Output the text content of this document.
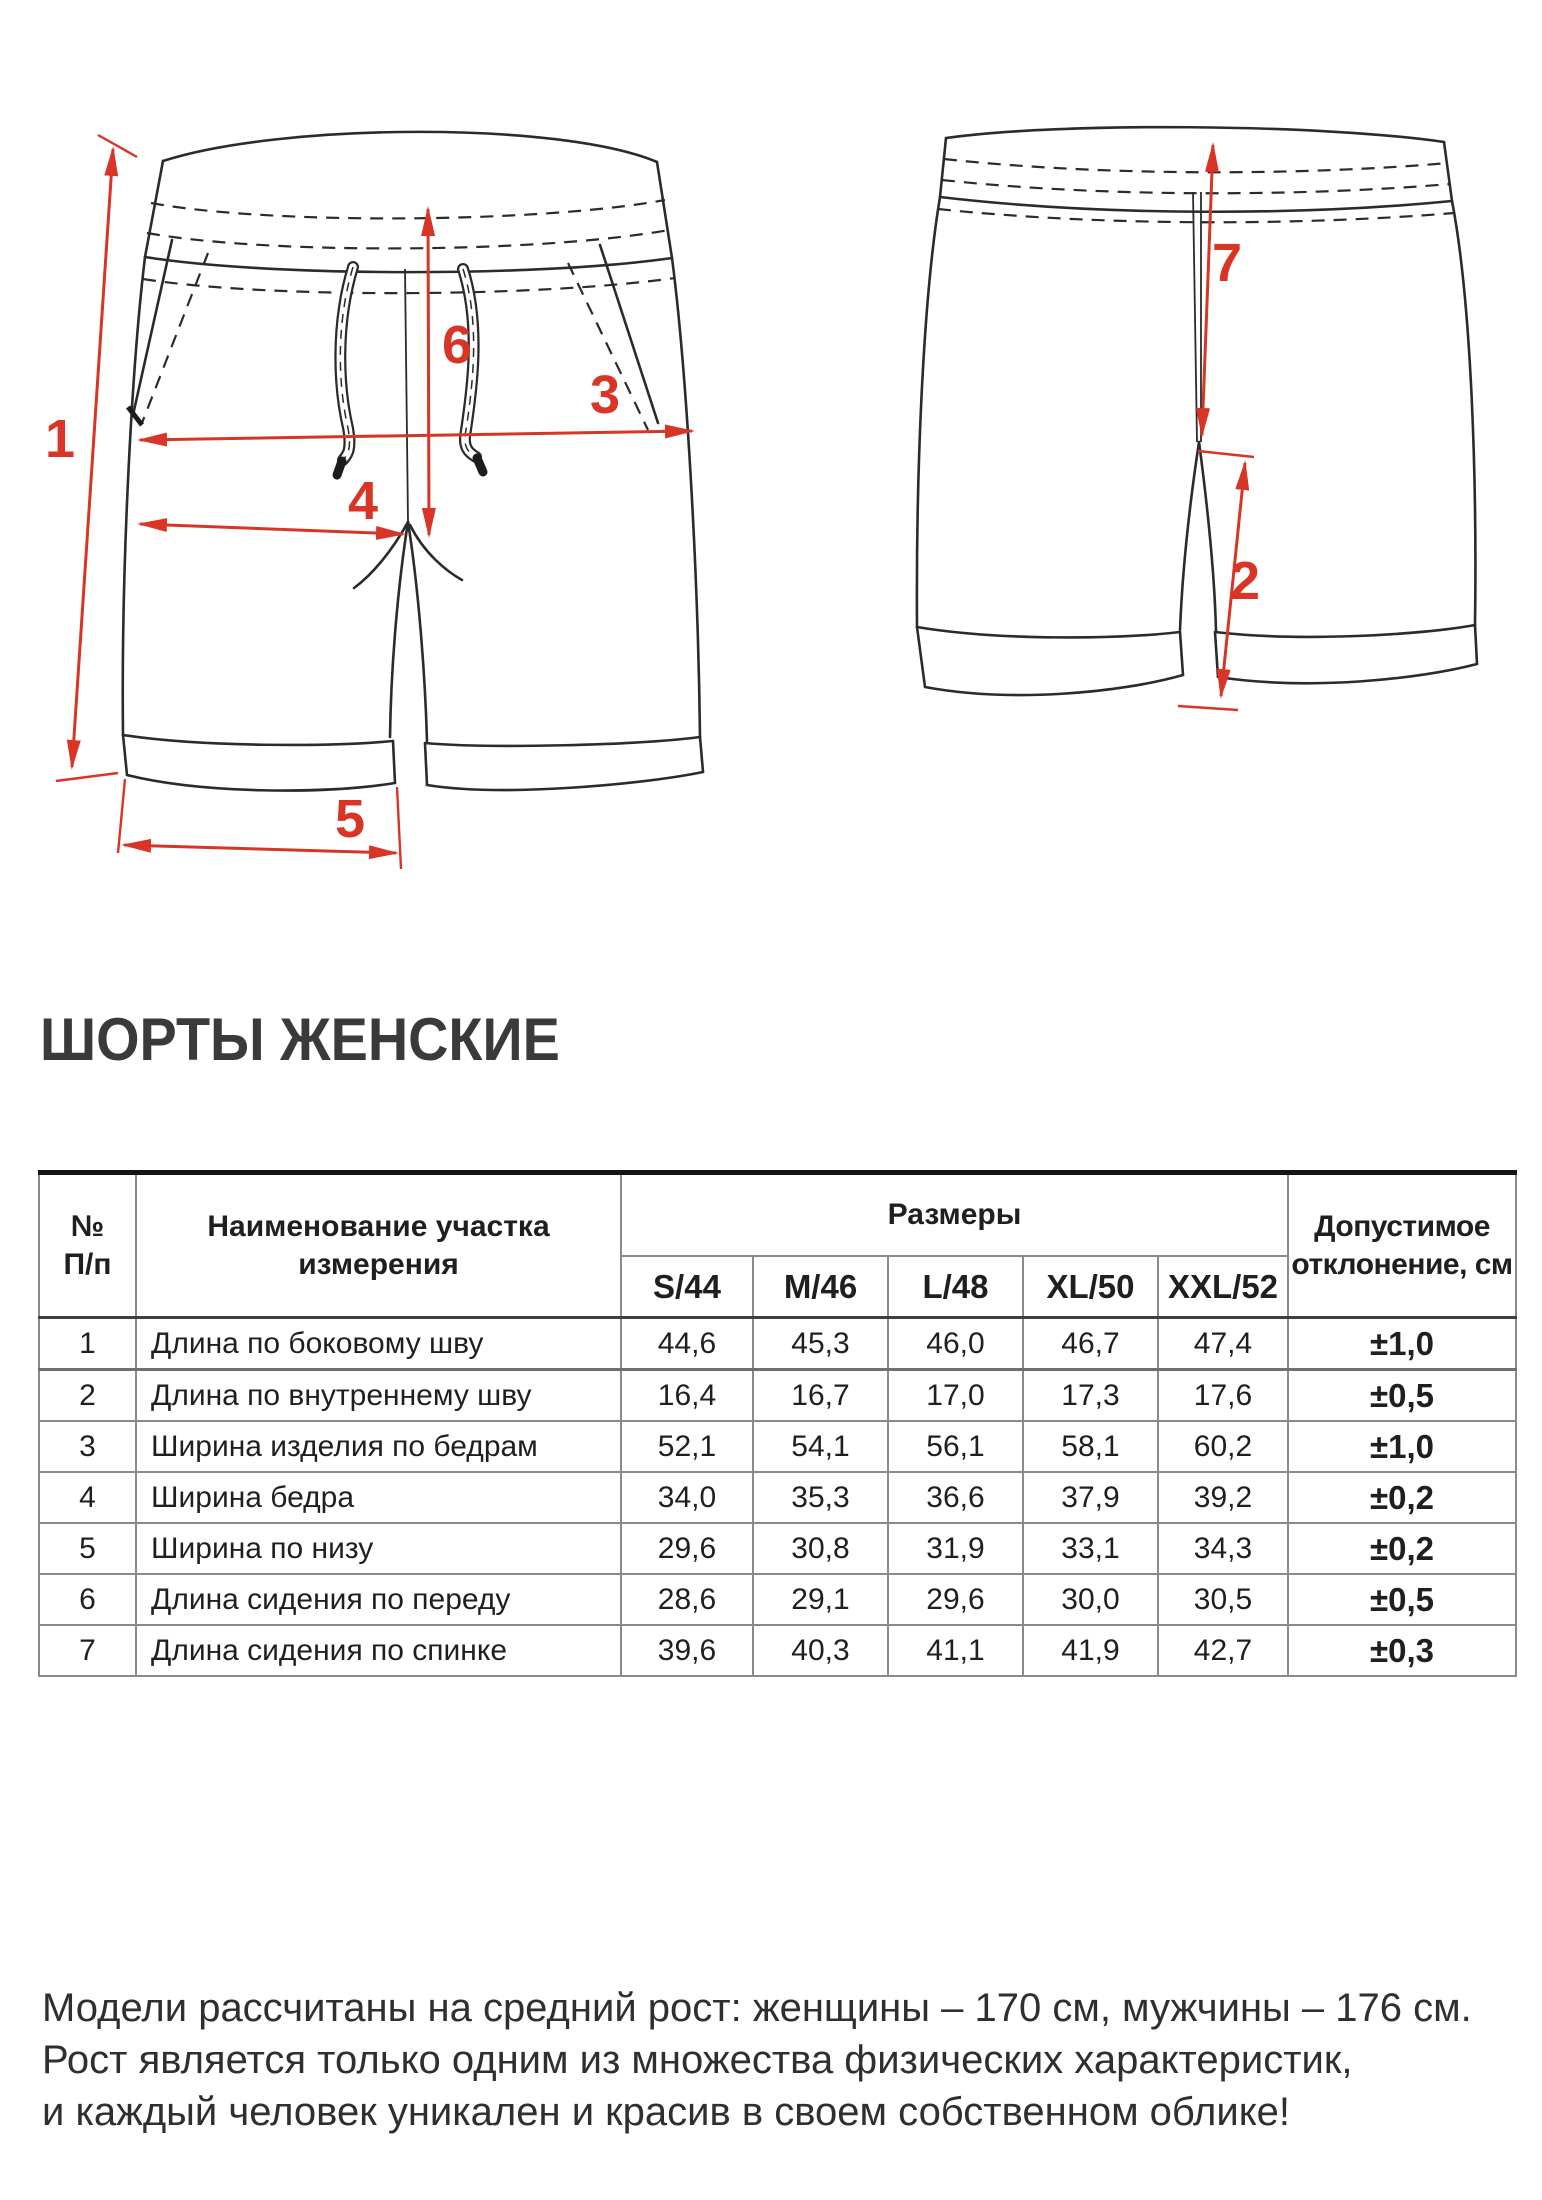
1
3
4
6
5
7
2
ШОРТЫ ЖЕНСКИЕ
№
П/п

Наименование участка
измерения
	Размеры	Допустимое
отклонение, см

		S/44	M/46	L/48	XL/50	XXL/52	
1	Длина по боковому шву	44,6	45,3	46,0	46,7	47,4	±1,0
2	Длина по внутреннему шву	16,4	16,7	17,0	17,3	17,6	±0,5
3	Ширина изделия по бедрам	52,1	54,1	56,1	58,1	60,2	±1,0
4	Ширина бедра	34,0	35,3	36,6	37,9	39,2	±0,2
5	Ширина по низу	29,6	30,8	31,9	33,1	34,3	±0,2
6	Длина сидения по переду	28,6	29,1	29,6	30,0	30,5	±0,5
7	Длина сидения по спинке	39,6	40,3	41,1	41,9	42,7	±0,3
Модели рассчитаны на средний рост: женщины – 170 см, мужчины – 176 см.
Рост является только одним из множества физических характеристик,
и каждый человек уникален и красив в своем собственном облике!
